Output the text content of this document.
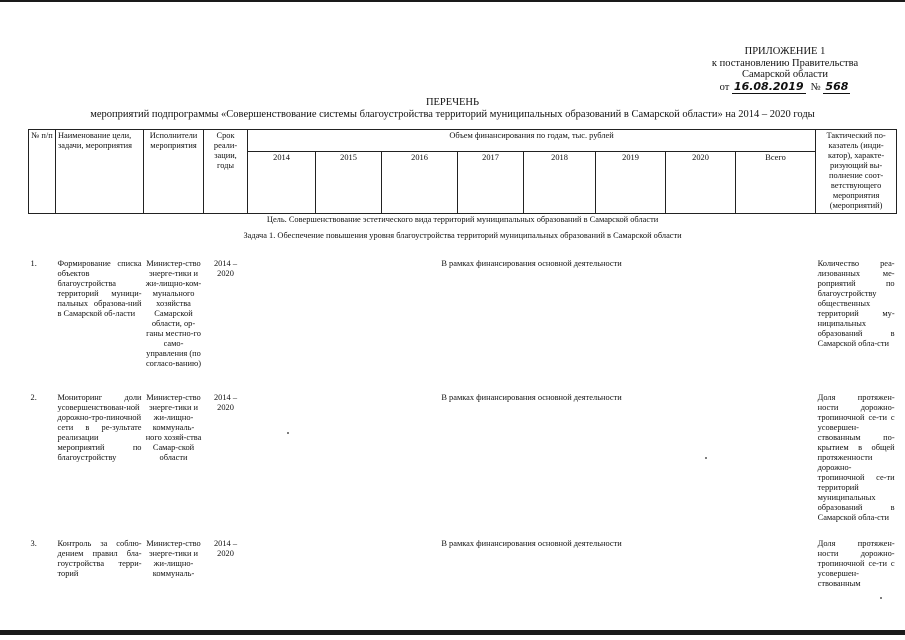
ПРИЛОЖЕНИЕ 1
к постановлению Правительства
Самарской области
от 16.08.2019 № 568
ПЕРЕЧЕНЬ
мероприятий подпрограммы «Совершенствование системы благоустройства территорий муниципальных образований в Самарской области» на 2014 – 2020 годы
№ п/п	Наименование цели, задачи, мероприятия	Исполнители мероприятия	Срок реали-зации, годы	Объем финансирования по годам, тыс. рублей								Тактический по-казатель (инди-катор), характе-ризующий вы-полнение соот-ветствующего мероприятия (мероприятий)
				2014	2015	2016	2017	2018	2019	2020	Всего	
Цель. Совершенствование эстетического вида территорий муниципальных образований в Самарской области												
Задача 1. Обеспечение повышения уровня благоустройства территорий муниципальных образований в Самарской области												
1.	Формирование списка объектов благоустройства территорий муници-пальных образова-ний в Самарской об-ласти	Министер-ство энерге-тики и жи-лищно-ком-мунального хозяйства Самарской области, ор-ганы местно-го само-управления (по согласо-ванию)	2014 – 2020	В рамках финансирования основной деятельности								Количество реа-лизованных ме-роприятий по благоустройству общественных территорий му-ниципальных образований в Самарской обла-сти
2.	Мониторинг доли усовершенствован-ной дорожно-тро-пиночной сети в ре-зультате реализации мероприятий по благоустройству	Министер-ство энерге-тики и жи-лищно-коммуналь-ного хозяй-ства Самар-ской области	2014 – 2020	В рамках финансирования основной деятельности								Доля протяжен-ности дорожно-тропиночной се-ти с усовершен-ствованным по-крытием в общей протяженности дорожно-тропиночной се-ти территорий муниципальных образований в Самарской обла-сти
3.	Контроль за соблю-дением правил бла-гоустройства терри-торий	Министер-ство энерге-тики и жи-лищно-коммуналь-	2014 – 2020	В рамках финансирования основной деятельности								Доля протяжен-ности дорожно-тропиночной се-ти с усовершен-ствованным
